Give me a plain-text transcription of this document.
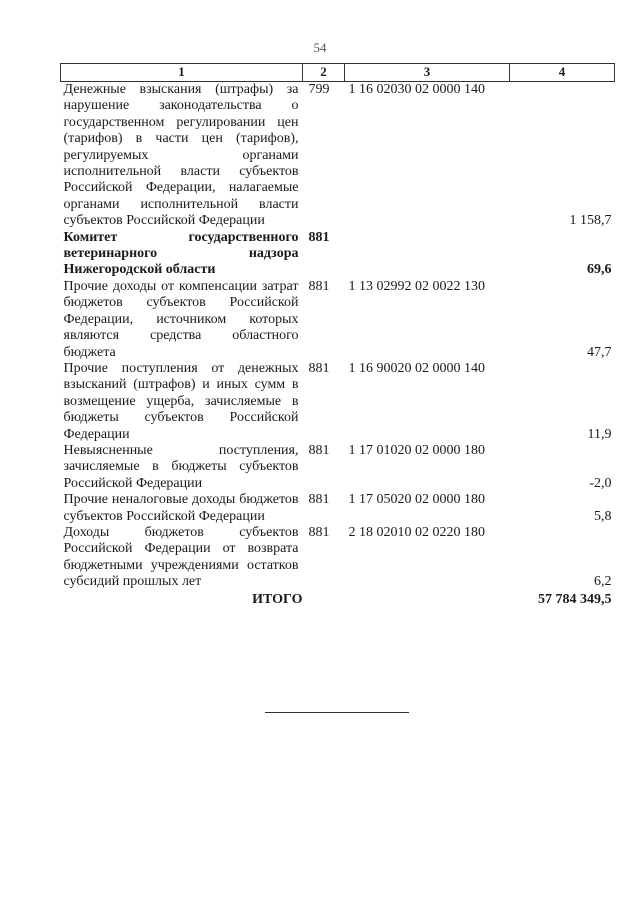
54
1	2	3	4

Денежные взыскания (штрафы) за нарушение законодательства о государственном регулировании цен (тарифов) в части цен (тарифов), регулируемых органами исполнительной власти субъектов Российской Федерации, налагаемые органами исполнительной власти субъектов Российской Федерации	799	1 16 02030 02 0000 140	1 158,7

Комитет государственного ветеринарного надзора Нижегородской области	881		69,6

Прочие доходы от компенсации затрат бюджетов субъектов Российской Федерации, источником которых являются средства областного бюджета	881	1 13 02992 02 0022 130	47,7

Прочие поступления от денежных взысканий (штрафов) и иных сумм в возмещение ущерба, зачисляемые в бюджеты субъектов Российской Федерации	881	1 16 90020 02 0000 140	11,9

Невыясненные поступления, зачисляемые в бюджеты субъектов Российской Федерации	881	1 17 01020 02 0000 180	-2,0

Прочие неналоговые доходы бюджетов субъектов Российской Федерации	881	1 17 05020 02 0000 180	5,8

Доходы бюджетов субъектов Российской Федерации от возврата бюджетными учреждениями остатков субсидий прошлых лет	881	2 18 02010 02 0220 180	6,2
ИТОГО			57 784 349,5
